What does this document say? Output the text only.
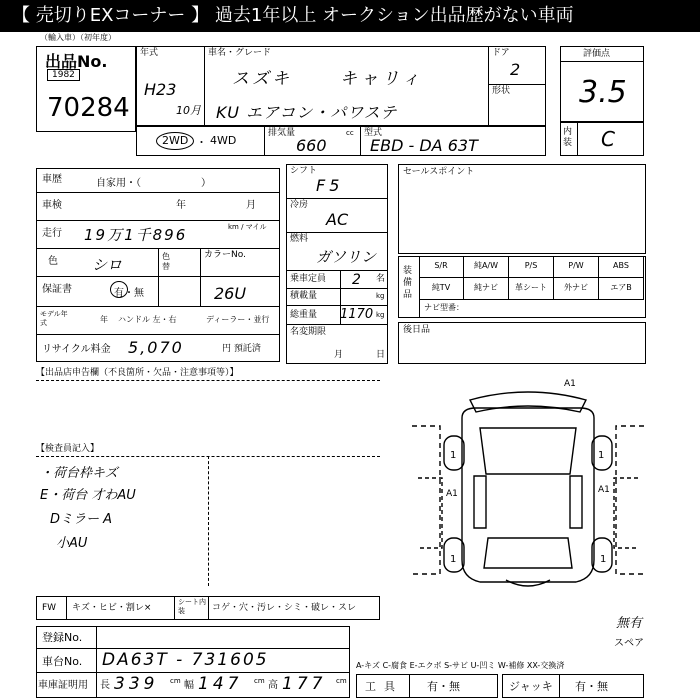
【 売切りEXコーナー 】 過去1年以上 オークション出品歴がない車両
（輸入車）（初年度）
出品No.
1982
70284
年式
H23
10月
車名・グレード
スズキ	キャリィ
KU エアコン・パワステ
ドア
2
形状
評価点
3.5
2WD ・ 4WD
排気量	cc
660
型式
EBD - DA 63T
内装 C
車歴	自家用・（　　　　　　）
車検	年	月
走行 19万1千896	km / マイル
色 シロ	色替
カラーNo.
26U
保証書	有・無
モデル年式	年 ハンドル 左・右	ディーラー・並行
リサイクル料金 5,070	円 預託済
シフト
F5
冷房
AC
燃料
ガソリン
乗車定員 2 名
積載量	kg
総重量 1170 kg
名変期限
月	日
セールスポイント
装備品
S/R	純A/W	P/S	P/W	ABS
純TV	純ナビ	革シート	外ナビ	エアB
ナビ型番：
後日品
【出品店申告欄（不良箇所・欠品・注意事項等）】
【検査員記入】
・荷台枠キズ
E・荷台 才わAU
Dミラー A
小AU
A1
A1	A1
1	1
1	1
FW キズ・ヒビ・割レ×
シート内装	コゲ・穴・汚レ・シミ・破レ・スレ
登録No.
車台No. DA63T - 731605
車庫証明用 長 339 cm 幅 147 cm 高 177 cm
A-キズ C-腐食 E-エクボ S-サビ U-凹ミ W-補修 XX-交換済
工具 有・無	ジャッキ 有・無
無有
スペア
